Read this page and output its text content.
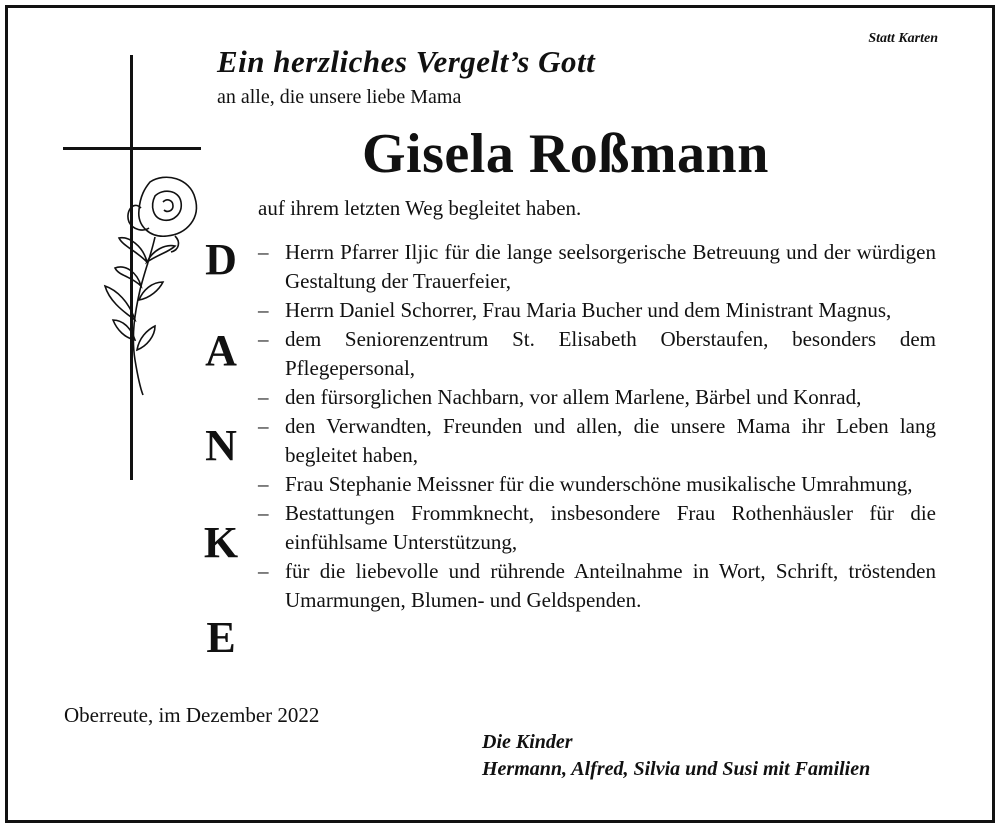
Statt Karten
Ein herzliches Vergelt’s Gott
an alle, die unsere liebe Mama
Gisela Roßmann
auf ihrem letzten Weg begleitet haben.
D
A
N
K
E
– Herrn Pfarrer Iljic für die lange seelsorgerische Betreuung und der würdigen Gestaltung der Trauerfeier,
– Herrn Daniel Schorrer, Frau Maria Bucher und dem Ministrant Magnus,
– dem Seniorenzentrum St. Elisabeth Oberstaufen, besonders dem Pflegepersonal,
– den fürsorglichen Nachbarn, vor allem Marlene, Bärbel und Konrad,
– den Verwandten, Freunden und allen, die unsere Mama ihr Leben lang begleitet haben,
– Frau Stephanie Meissner für die wunderschöne musikalische Umrahmung,
– Bestattungen Frommknecht, insbesondere Frau Rothenhäusler für die einfühlsame Unterstützung,
– für die liebevolle und rührende Anteilnahme in Wort, Schrift, tröstenden Umarmungen, Blumen- und Geldspenden.
Oberreute, im Dezember 2022
Die Kinder
Hermann, Alfred, Silvia und Susi mit Familien
